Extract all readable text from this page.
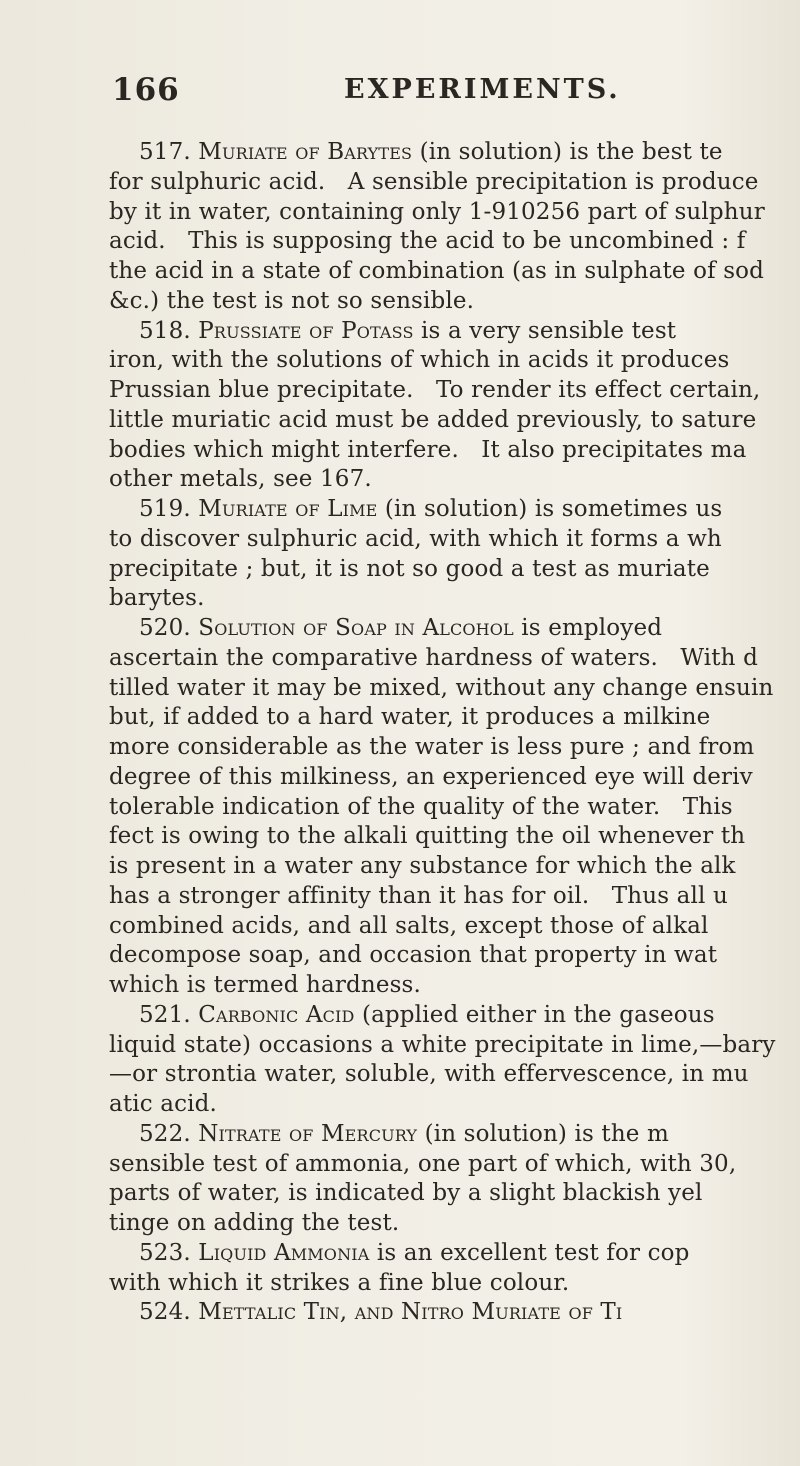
166	EXPERIMENTS.
517. Muriate of Barytes (in solution) is the best te
for sulphuric acid.   A sensible precipitation is produce
by it in water, containing only 1-910256 part of sulphur
acid.   This is supposing the acid to be uncombined : f
the acid in a state of combination (as in sulphate of sod
&c.) the test is not so sensible.
518. Prussiate of Potass is a very sensible test
iron, with the solutions of which in acids it produces
Prussian blue precipitate.   To render its effect certain,
little muriatic acid must be added previously, to sature
bodies which might interfere.   It also precipitates ma
other metals, see 167.
519. Muriate of Lime (in solution) is sometimes us
to discover sulphuric acid, with which it forms a wh
precipitate ; but, it is not so good a test as muriate
barytes.
520. Solution of Soap in Alcohol is employed
ascertain the comparative hardness of waters.   With d
tilled water it may be mixed, without any change ensuin
but, if added to a hard water, it produces a milkine
more considerable as the water is less pure ; and from
degree of this milkiness, an experienced eye will deriv
tolerable indication of the quality of the water.   This
fect is owing to the alkali quitting the oil whenever th
is present in a water any substance for which the alk
has a stronger affinity than it has for oil.   Thus all u
combined acids, and all salts, except those of alkal
decompose soap, and occasion that property in wat
which is termed hardness.
521. Carbonic Acid (applied either in the gaseous
liquid state) occasions a white precipitate in lime,—bary
—or strontia water, soluble, with effervescence, in mu
atic acid.
522. Nitrate of Mercury (in solution) is the m
sensible test of ammonia, one part of which, with 30,
parts of water, is indicated by a slight blackish yel
tinge on adding the test.
523. Liquid Ammonia is an excellent test for cop
with which it strikes a fine blue colour.
524. Mettalic Tin, and Nitro Muriate of Ti
